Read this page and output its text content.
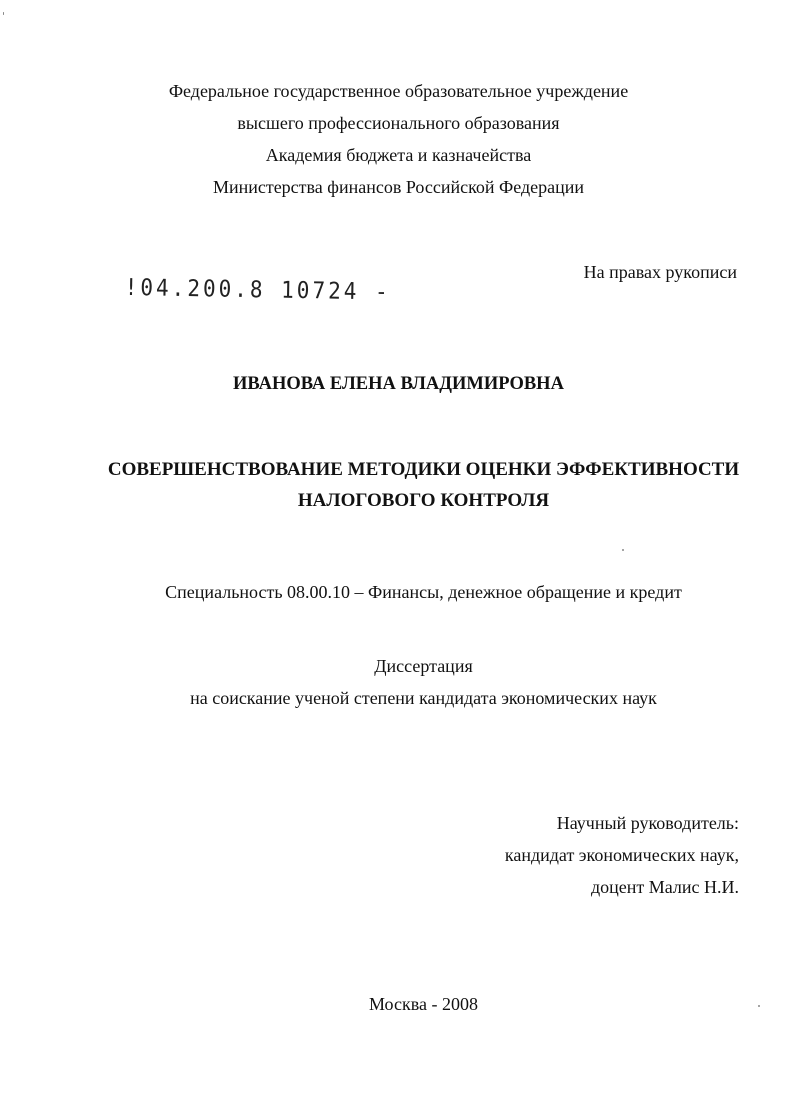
Федеральное государственное образовательное учреждение
высшего профессионального образования
Академия бюджета и казначейства
Министерства финансов Российской Федерации
На правах рукописи
!04.200.8 10724 -
ИВАНОВА ЕЛЕНА ВЛАДИМИРОВНА
СОВЕРШЕНСТВОВАНИЕ МЕТОДИКИ ОЦЕНКИ ЭФФЕКТИВНОСТИ
НАЛОГОВОГО КОНТРОЛЯ
Специальность 08.00.10 – Финансы, денежное обращение и кредит
Диссертация
на соискание ученой степени кандидата экономических наук
Научный руководитель:
кандидат экономических наук,
доцент Малис Н.И.
Москва - 2008
